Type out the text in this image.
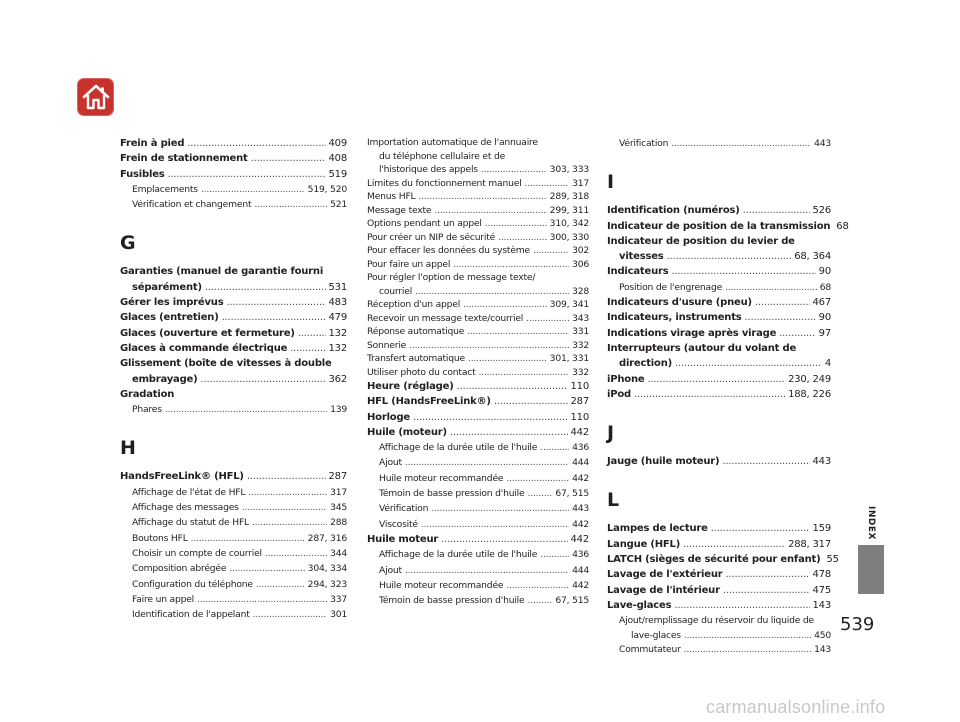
Frein à pied .....	409
Frein de stationnement .....	408
Fusibles .....	519
Emplacements .....	519, 520
Vérification et changement .....	521
G
Garanties (manuel de garantie fourni
séparément) .....	531
Gérer les imprévus .....	483
Glaces (entretien) .....	479
Glaces (ouverture et fermeture) .....	132
Glaces à commande électrique .....	132
Glissement (boîte de vitesses à double
embrayage) .....	362
Gradation
Phares .....	139
H
HandsFreeLink® (HFL) .....	287
Affichage de l'état de HFL .....	317
Affichage des messages .....	345
Affichage du statut de HFL .....	288
Boutons HFL .....	287, 316
Choisir un compte de courriel .....	344
Composition abrégée .....	304, 334
Configuration du téléphone .....	294, 323
Faire un appel .....	337
Identification de l'appelant .....	301
Importation automatique de l'annuaire
du téléphone cellulaire et de
l'historique des appels .....	303, 333
Limites du fonctionnement manuel .....	317
Menus HFL .....	289, 318
Message texte .....	299, 311
Options pendant un appel .....	310, 342
Pour créer un NIP de sécurité .....	300, 330
Pour effacer les données du système .....	302
Pour faire un appel .....	306
Pour régler l'option de message texte/
courriel .....	328
Réception d'un appel .....	309, 341
Recevoir un message texte/courriel .....	343
Réponse automatique .....	331
Sonnerie .....	332
Transfert automatique .....	301, 331
Utiliser photo du contact .....	332
Heure (réglage) .....	110
HFL (HandsFreeLink®) .....	287
Horloge .....	110
Huile (moteur) .....	442
Affichage de la durée utile de l'huile .....	436
Ajout .....	444
Huile moteur recommandée .....	442
Témoin de basse pression d'huile .....	67, 515
Vérification .....	443
Viscosité .....	442
Huile moteur .....	442
Affichage de la durée utile de l'huile .....	436
Ajout .....	444
Huile moteur recommandée .....	442
Témoin de basse pression d'huile .....	67, 515
Vérification .....	443
I
Identification (numéros) .....	526
Indicateur de position de la transmission 68
Indicateur de position du levier de
vitesses .....	68, 364
Indicateurs .....	90
Position de l'engrenage .....	68
Indicateurs d'usure (pneu) .....	467
Indicateurs, instruments .....	90
Indications virage après virage .....	97
Interrupteurs (autour du volant de
direction) .....	4
iPhone .....	230, 249
iPod .....	188, 226
J
Jauge (huile moteur) .....	443
L
Lampes de lecture .....	159
Langue (HFL) .....	288, 317
LATCH (sièges de sécurité pour enfant) 55
Lavage de l'extérieur .....	478
Lavage de l'intérieur .....	475
Lave-glaces .....	143
Ajout/remplissage du réservoir du liquide de
lave-glaces .....	450
Commutateur .....	143
INDEX
539
carmanualsonline.info
